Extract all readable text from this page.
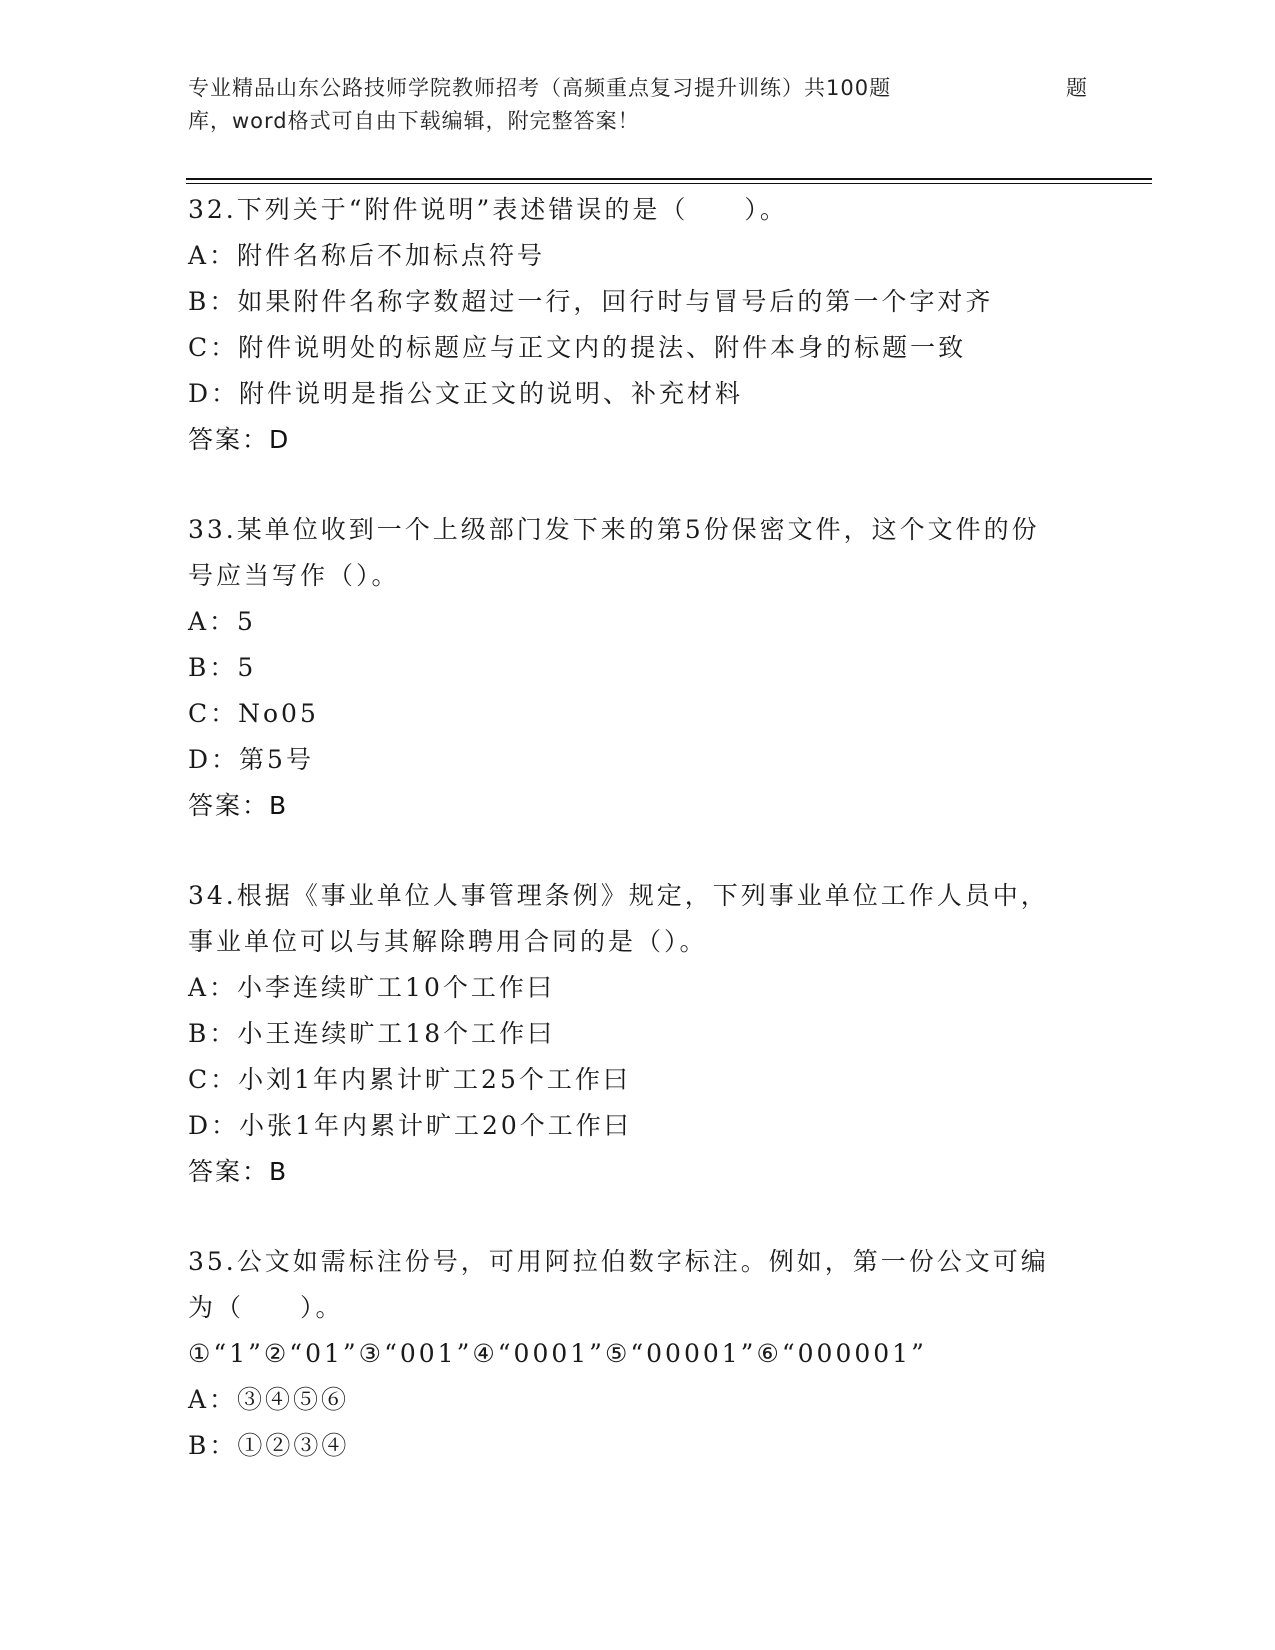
专业精品山东公路技师学院教师招考（高频重点复习提升训练）共100题	题
库，word格式可自由下载编辑，附完整答案！
32.下列关于“附件说明”表述错误的是（　　）。
A：附件名称后不加标点符号
B：如果附件名称字数超过一行，回行时与冒号后的第一个字对齐
C：附件说明处的标题应与正文内的提法、附件本身的标题一致
D：附件说明是指公文正文的说明、补充材料
答案：D
33.某单位收到一个上级部门发下来的第5份保密文件，这个文件的份
号应当写作（）。
A：5
B：5
C：No05
D：第5号
答案：B
34.根据《事业单位人事管理条例》规定，下列事业单位工作人员中，
事业单位可以与其解除聘用合同的是（）。
A：小李连续旷工10个工作曰
B：小王连续旷工18个工作曰
C：小刘1年内累计旷工25个工作曰
D：小张1年内累计旷工20个工作曰
答案：B
35.公文如需标注份号，可用阿拉伯数字标注。例如，第一份公文可编
为（　　）。
①“1”②“01”③“001”④“0001”⑤“00001”⑥“000001”
A：③④⑤⑥
B：①②③④
